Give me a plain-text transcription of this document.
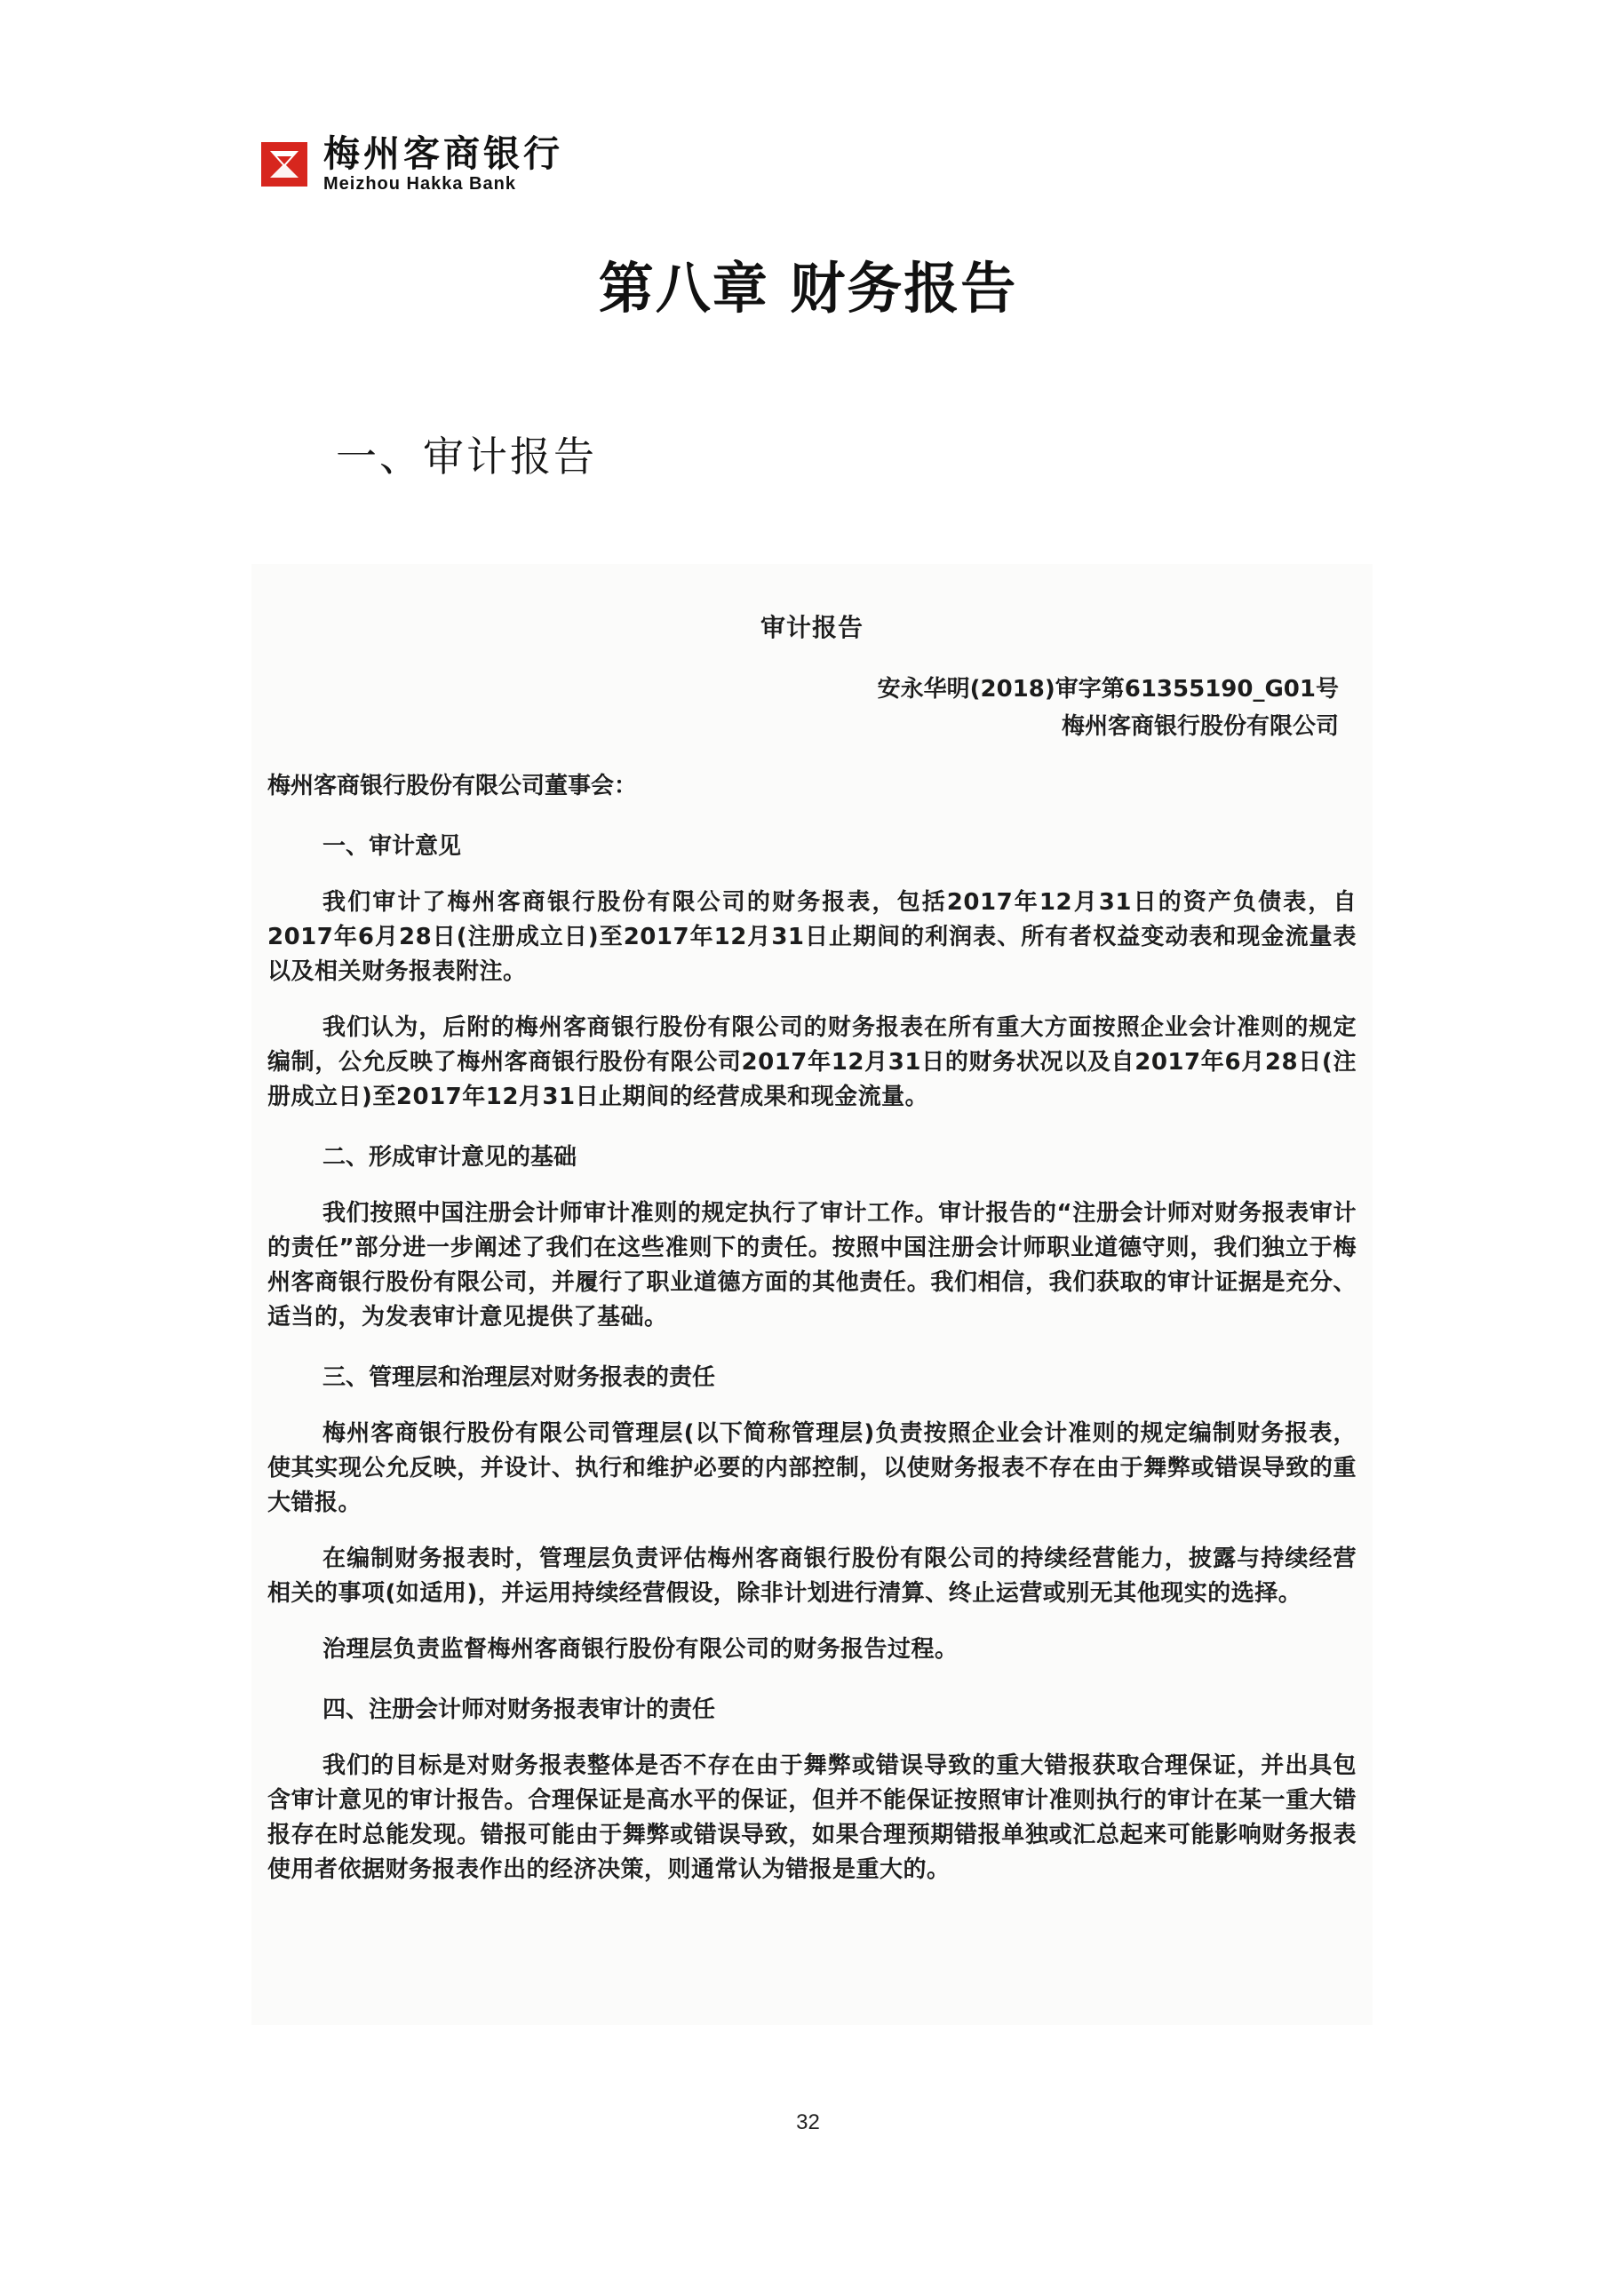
梅州客商银行
Meizhou Hakka Bank
第八章 财务报告
一、审计报告
审计报告
安永华明(2018)审字第61355190_G01号
梅州客商银行股份有限公司
梅州客商银行股份有限公司董事会：
一、审计意见
我们审计了梅州客商银行股份有限公司的财务报表，包括2017年12月31日的资产负债表，自2017年6月28日(注册成立日)至2017年12月31日止期间的利润表、所有者权益变动表和现金流量表以及相关财务报表附注。
我们认为，后附的梅州客商银行股份有限公司的财务报表在所有重大方面按照企业会计准则的规定编制，公允反映了梅州客商银行股份有限公司2017年12月31日的财务状况以及自2017年6月28日(注册成立日)至2017年12月31日止期间的经营成果和现金流量。
二、形成审计意见的基础
我们按照中国注册会计师审计准则的规定执行了审计工作。审计报告的“注册会计师对财务报表审计的责任”部分进一步阐述了我们在这些准则下的责任。按照中国注册会计师职业道德守则，我们独立于梅州客商银行股份有限公司，并履行了职业道德方面的其他责任。我们相信，我们获取的审计证据是充分、适当的，为发表审计意见提供了基础。
三、管理层和治理层对财务报表的责任
梅州客商银行股份有限公司管理层(以下简称管理层)负责按照企业会计准则的规定编制财务报表，使其实现公允反映，并设计、执行和维护必要的内部控制，以使财务报表不存在由于舞弊或错误导致的重大错报。
在编制财务报表时，管理层负责评估梅州客商银行股份有限公司的持续经营能力，披露与持续经营相关的事项(如适用)，并运用持续经营假设，除非计划进行清算、终止运营或别无其他现实的选择。
治理层负责监督梅州客商银行股份有限公司的财务报告过程。
四、注册会计师对财务报表审计的责任
我们的目标是对财务报表整体是否不存在由于舞弊或错误导致的重大错报获取合理保证，并出具包含审计意见的审计报告。合理保证是高水平的保证，但并不能保证按照审计准则执行的审计在某一重大错报存在时总能发现。错报可能由于舞弊或错误导致，如果合理预期错报单独或汇总起来可能影响财务报表使用者依据财务报表作出的经济决策，则通常认为错报是重大的。
32
